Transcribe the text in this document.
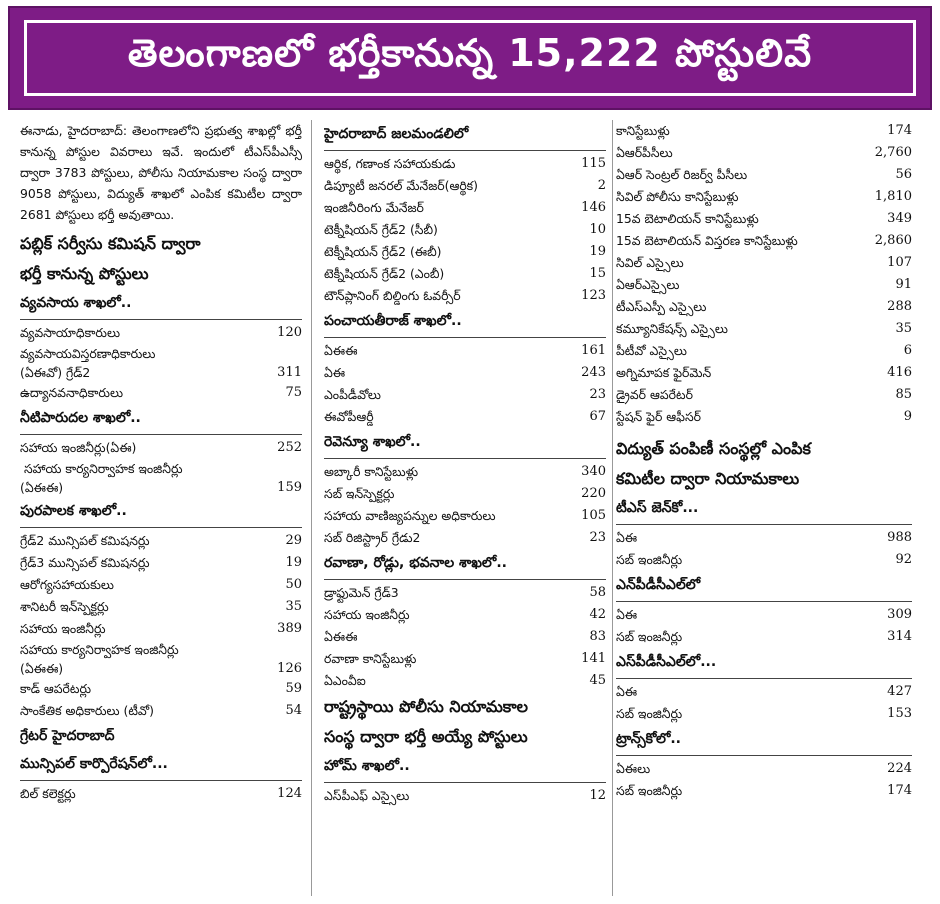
తెలంగాణలో భర్తీకానున్న 15,222 పోస్టులివే
ఈనాడు, హైదరాబాద్: తెలంగాణలోని ప్రభుత్వ శాఖల్లో భర్తీ కానున్న పోస్టుల వివరాలు ఇవే. ఇందులో టీఎస్‌పీఎస్సీ ద్వారా 3783 పోస్టులు, పోలీసు నియామకాల సంస్థ ద్వారా 9058 పోస్టులు, విద్యుత్ శాఖలో ఎంపిక కమిటీల ద్వారా 2681 పోస్టులు భర్తీ అవుతాయి.
పబ్లిక్ సర్వీసు కమిషన్ ద్వారా
భర్తీ కానున్న పోస్టులు
వ్యవసాయ శాఖలో..
వ్యవసాయాధికారులు	120
వ్యవసాయవిస్తరణాధికారులు
(ఏఈవో) గ్రేడ్2	311
ఉద్యానవనాధికారులు	75
నీటిపారుదల శాఖలో..
సహాయ ఇంజినీర్లు(ఏఈ)	252
సహాయ కార్యనిర్వాహక ఇంజినీర్లు
(ఏఈఈ)	159
పురపాలక శాఖలో..
గ్రేడ్2 మున్సిపల్ కమిషనర్లు	29
గ్రేడ్3 మున్సిపల్ కమిషనర్లు	19
ఆరోగ్యసహాయకులు	50
శానిటరీ ఇన్‌స్పెక్టర్లు	35
సహాయ ఇంజినీర్లు	389
సహాయ కార్యనిర్వాహక ఇంజినీర్లు
(ఏఈఈ)	126
కాడ్ ఆపరేటర్లు	59
సాంకేతిక అధికారులు (టీవో)	54
గ్రేటర్ హైదరాబాద్
మున్సిపల్ కార్పొరేషన్‌లో...
బిల్ కలెక్టర్లు	124
హైదరాబాద్ జలమండలిలో
ఆర్థిక, గణాంక సహాయకుడు	115
డిప్యూటీ జనరల్ మేనేజర్(ఆర్థిక)	2
ఇంజినీరింగు మేనేజర్	146
టెక్నీషియన్ గ్రేడ్2 (సీబీ)	10
టెక్నీషియన్ గ్రేడ్2 (ఈబీ)	19
టెక్నీషియన్ గ్రేడ్2 (ఎంబీ)	15
టౌన్‌ప్లానింగ్ బిల్డింగు ఓవర్సీర్	123
పంచాయతీరాజ్ శాఖలో..
ఏఈఈ	161
ఏఈ	243
ఎంపీడీవోలు	23
ఈవోపీఆర్డీ	67
రెవెన్యూ శాఖలో..
అబ్కారీ కానిస్టేబుళ్లు	340
సబ్ ఇన్‌స్పెక్టర్లు	220
సహాయ వాణిజ్యపన్నుల అధికారులు	105
సబ్ రిజిస్ట్రార్ గ్రేడు2	23
రవాణా, రోడ్లు, భవనాల శాఖలో..
డ్రాఫ్టుమెన్ గ్రేడ్3	58
సహాయ ఇంజినీర్లు	42
ఏఈఈ	83
రవాణా కానిస్టేబుళ్లు	141
ఏఎంవీఐ	45
రాష్ట్రస్థాయి పోలీసు నియామకాల
సంస్థ ద్వారా భర్తీ అయ్యే పోస్టులు
హోమ్ శాఖలో..
ఎస్‌పీఎఫ్ ఎస్సైలు	12
కానిస్టేబుళ్లు	174
ఏఆర్‌పీసీలు	2,760
ఏఆర్ సెంట్రల్ రిజర్వ్ పీసీలు	56
సివిల్ పోలీసు కానిస్టేబుళ్లు	1,810
15వ బెటాలియన్ కానిస్టేబుళ్లు	349
15వ బెటాలియన్ విస్తరణ కానిస్టేబుళ్లు	2,860
సివిల్ ఎస్సైలు	107
ఏఆర్‌ఎస్సైలు	91
టీఎస్‌ఎస్పీ ఎస్సైలు	288
కమ్యూనికేషన్స్ ఎస్సైలు	35
పీటీవో ఎస్సైలు	6
అగ్నిమాపక ఫైర్‌మెన్	416
డ్రైవర్ ఆపరేటర్	85
స్టేషన్ ఫైర్ ఆఫీసర్	9
విద్యుత్ పంపిణీ సంస్థల్లో ఎంపిక
కమిటీల ద్వారా నియామకాలు
టీఎస్ జెన్‌కో...
ఏఈ	988
సబ్ ఇంజినీర్లు	92
ఎన్‌పీడీసీఎల్‌లో
ఏఈ	309
సబ్ ఇంజనీర్లు	314
ఎస్‌పీడీసీఎల్‌లో...
ఏఈ	427
సబ్ ఇంజినీర్లు	153
ట్రాన్స్‌కోలో..
ఏఈలు	224
సబ్ ఇంజినీర్లు	174
